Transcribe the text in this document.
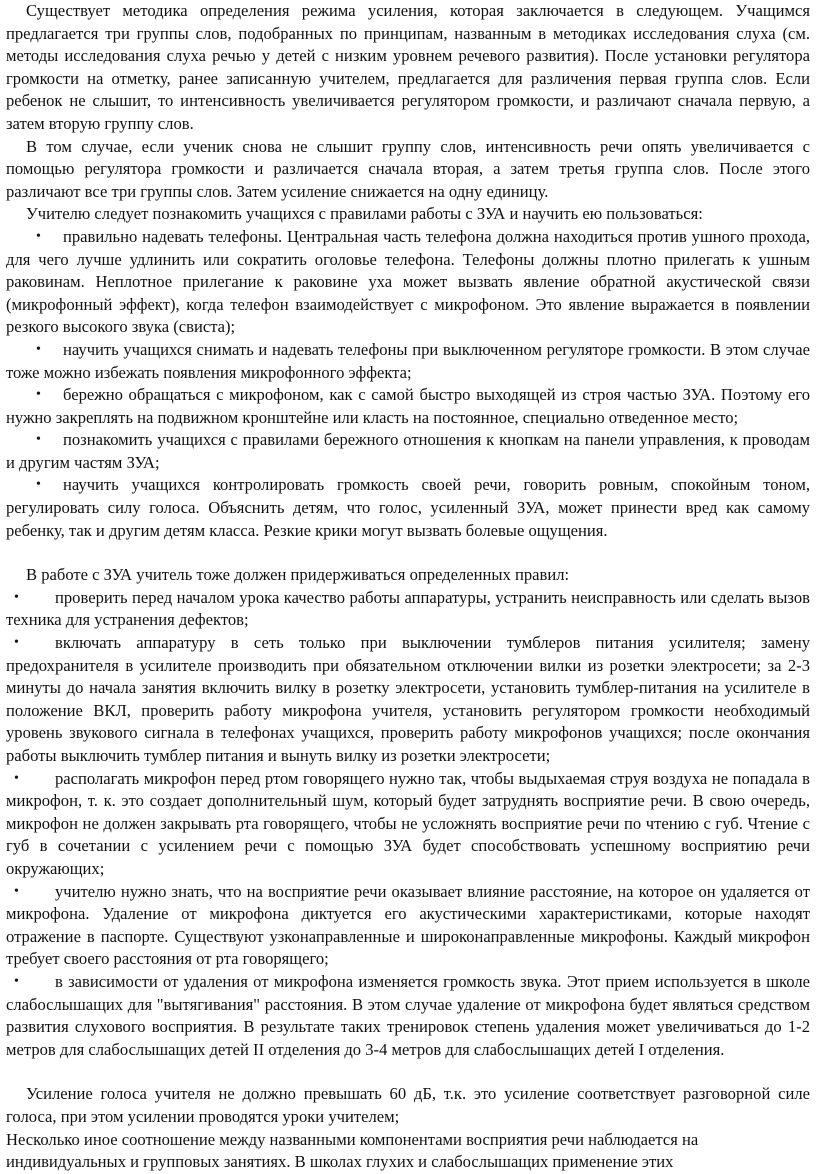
Существует методика определения режима усиления, которая заключается в следующем. Учащимся предлагается три группы слов, подобранных по принципам, названным в методиках исследования слуха (см. методы исследования слуха речью у детей с низким уровнем речевого развития). После установки регулятора громкости на отметку, ранее записанную учителем, предлагается для различения первая группа слов. Если ребенок не слышит, то интенсивность увеличивается регулятором громкости, и различают сначала первую, а затем вторую группу слов.

В том случае, если ученик снова не слышит группу слов, интенсивность речи опять увеличивается с помощью регулятора громкости и различается сначала вторая, а затем третья группа слов. После этого различают все три группы слов. Затем усиление снижается на одну единицу.

Учителю следует познакомить учащихся с правилами работы с ЗУА и научить ею пользоваться:

• правильно надевать телефоны. Центральная часть телефона должна находиться против ушного прохода, для чего лучше удлинить или сократить оголовье телефона. Телефоны должны плотно прилегать к ушным раковинам. Неплотное прилегание к раковине уха может вызвать явление обратной акустической связи (микрофонный эффект), когда телефон взаимодействует с микрофоном. Это явление выражается в появлении резкого высокого звука (свиста);

• научить учащихся снимать и надевать телефоны при выключенном регуляторе громкости. В этом случае тоже можно избежать появления микрофонного эффекта;

• бережно обращаться с микрофоном, как с самой быстро выходящей из строя частью ЗУА. Поэтому его нужно закреплять на подвижном кронштейне или класть на постоянное, специально отведенное место;

• познакомить учащихся с правилами бережного отношения к кнопкам на панели управления, к проводам и другим частям ЗУА;

• научить учащихся контролировать громкость своей речи, говорить ровным, спокойным тоном, регулировать силу голоса. Объяснить детям, что голос, усиленный ЗУА, может принести вред как самому ребенку, так и другим детям класса. Резкие крики могут вызвать болевые ощущения.

В работе с ЗУА учитель тоже должен придерживаться определенных правил:

• проверить перед началом урока качество работы аппаратуры, устранить неисправность или сделать вызов техника для устранения дефектов;

• включать аппаратуру в сеть только при выключении тумблеров питания усилителя; замену предохранителя в усилителе производить при обязательном отключении вилки из розетки электросети; за 2-3 минуты до начала занятия включить вилку в розетку электросети, установить тумблер-питания на усилителе в положение ВКЛ, проверить работу микрофона учителя, установить регулятором громкости необходимый уровень звукового сигнала в телефонах учащихся, проверить работу микрофонов учащихся; после окончания работы выключить тумблер питания и вынуть вилку из розетки электросети;

• располагать микрофон перед ртом говорящего нужно так, чтобы выдыхаемая струя воздуха не попадала в микрофон, т. к. это создает дополнительный шум, который будет затруднять восприятие речи. В свою очередь, микрофон не должен закрывать рта говорящего, чтобы не усложнять восприятие речи по чтению с губ. Чтение с губ в сочетании с усилением речи с помощью ЗУА будет способствовать успешному восприятию речи окружающих;

• учителю нужно знать, что на восприятие речи оказывает влияние расстояние, на которое он удаляется от микрофона. Удаление от микрофона диктуется его акустическими характеристиками, которые находят отражение в паспорте. Существуют узконаправленные и широконаправленные микрофоны. Каждый микрофон требует своего расстояния от рта говорящего;

• в зависимости от удаления от микрофона изменяется громкость звука. Этот прием используется в школе слабослышащих для "вытягивания" расстояния. В этом случае удаление от микрофона будет являться средством развития слухового восприятия. В результате таких тренировок степень удаления может увеличиваться до 1-2 метров для слабослышащих детей II отделения до 3-4 метров для слабослышащих детей I отделения.

Усиление голоса учителя не должно превышать 60 дБ, т.к. это усиление соответствует разговорной силе голоса, при этом усилении проводятся уроки учителем;

Несколько иное соотношение между названными компонентами восприятия речи наблюдается на индивидуальных и групповых занятиях. В школах глухих и слабослышащих применение этих
